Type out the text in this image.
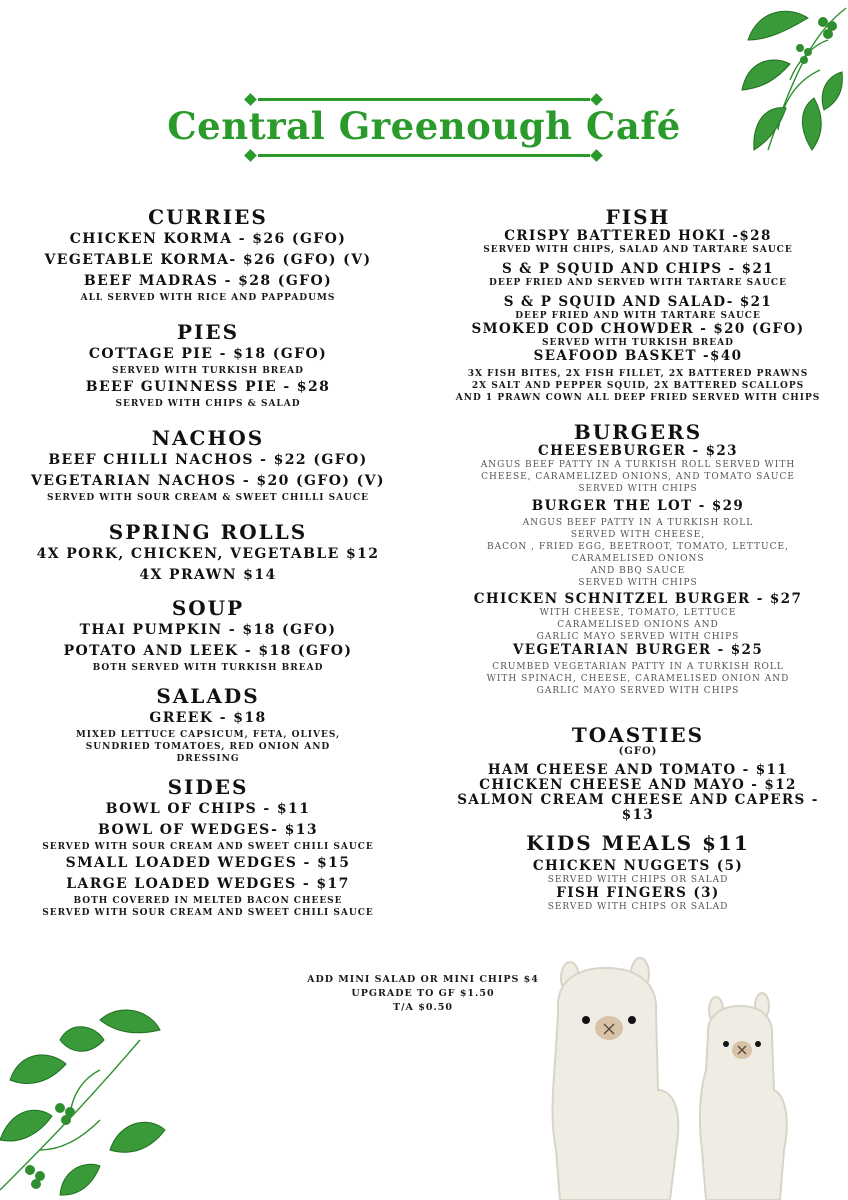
Central Greenough Café
CURRIES
CHICKEN KORMA - $26 (GFO)
VEGETABLE KORMA- $26 (GFO) (V)
BEEF MADRAS - $28 (GFO)
ALL SERVED WITH RICE AND PAPPADUMS
PIES
COTTAGE PIE - $18 (GFO)
SERVED WITH TURKISH BREAD
BEEF GUINNESS PIE - $28
SERVED WITH CHIPS & SALAD
NACHOS
BEEF CHILLI NACHOS - $22 (GFO)
VEGETARIAN NACHOS - $20 (GFO) (V)
SERVED WITH SOUR CREAM & SWEET CHILLI SAUCE
SPRING ROLLS
4X PORK, CHICKEN, VEGETABLE $12
4X PRAWN $14
SOUP
THAI PUMPKIN - $18 (GFO)
POTATO AND LEEK - $18 (GFO)
BOTH SERVED WITH TURKISH BREAD
SALADS
GREEK - $18
MIXED LETTUCE CAPSICUM, FETA, OLIVES,
SUNDRIED TOMATOES, RED ONION AND
DRESSING
SIDES
BOWL OF CHIPS - $11
BOWL OF WEDGES- $13
SERVED WITH SOUR CREAM AND SWEET CHILI SAUCE
SMALL LOADED WEDGES - $15
LARGE LOADED WEDGES - $17
BOTH COVERED IN MELTED BACON CHEESE
SERVED WITH SOUR CREAM AND SWEET CHILI SAUCE
FISH
CRISPY BATTERED HOKI -$28
SERVED WITH CHIPS, SALAD AND TARTARE SAUCE
S & P SQUID AND CHIPS - $21
DEEP FRIED AND SERVED WITH TARTARE SAUCE
S & P SQUID AND SALAD- $21
DEEP FRIED AND WITH TARTARE SAUCE
SMOKED COD CHOWDER - $20 (GFO)
SERVED WITH TURKISH BREAD
SEAFOOD BASKET -$40
3X FISH BITES, 2X FISH FILLET, 2X BATTERED PRAWNS
2X SALT AND PEPPER SQUID, 2X BATTERED SCALLOPS
AND 1 PRAWN COWN ALL DEEP FRIED SERVED WITH CHIPS
BURGERS
CHEESEBURGER - $23
ANGUS BEEF PATTY IN A TURKISH ROLL SERVED WITH
CHEESE, CARAMELIZED ONIONS, AND TOMATO SAUCE
SERVED WITH CHIPS
BURGER THE LOT - $29
ANGUS BEEF PATTY IN A TURKISH ROLL
SERVED WITH CHEESE,
BACON , FRIED EGG, BEETROOT, TOMATO, LETTUCE,
CARAMELISED ONIONS
AND BBQ SAUCE
SERVED WITH CHIPS
CHICKEN SCHNITZEL BURGER - $27
WITH CHEESE, TOMATO, LETTUCE
CARAMELISED ONIONS AND
GARLIC MAYO SERVED WITH CHIPS
VEGETARIAN BURGER - $25
CRUMBED VEGETARIAN PATTY IN A TURKISH ROLL
WITH SPINACH, CHEESE, CARAMELISED ONION AND
GARLIC MAYO SERVED WITH CHIPS
TOASTIES
(GFO)
HAM CHEESE AND TOMATO - $11
CHICKEN CHEESE AND MAYO - $12
SALMON CREAM CHEESE AND CAPERS - $13
KIDS MEALS $11
CHICKEN NUGGETS (5)
SERVED WITH CHIPS OR SALAD
FISH FINGERS (3)
SERVED WITH CHIPS OR SALAD
ADD MINI SALAD OR MINI CHIPS $4
UPGRADE TO GF $1.50
T/A $0.50
